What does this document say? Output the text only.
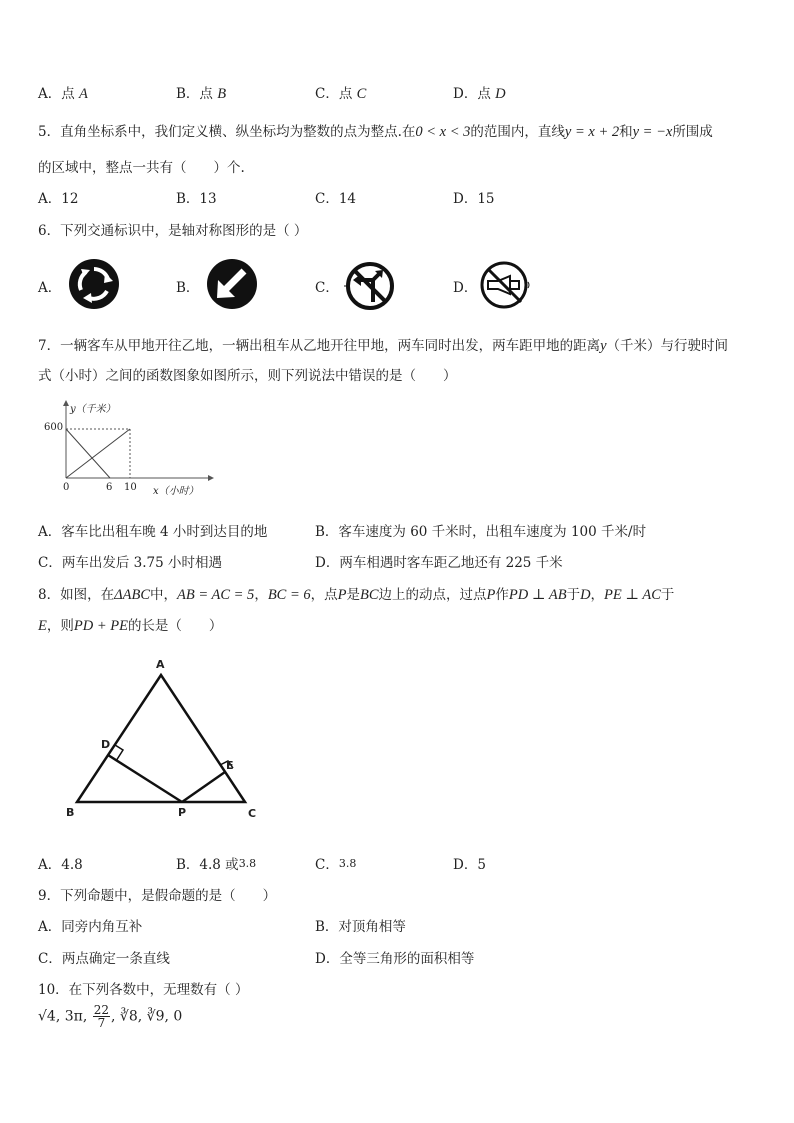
A．点 A	B．点 B	C．点 C	D．点 D
5．直角坐标系中，我们定义横、纵坐标均为整数的点为整点.在0 < x < 3的范围内，直线y = x + 2和y = −x所围成
的区域中，整点一共有（　　）个.
A．12	B．13	C．14	D．15
6．下列交通标识中，是轴对称图形的是（ ）
A．	B．	C．	D．
7．一辆客车从甲地开往乙地，一辆出租车从乙地开往甲地，两车同时出发，两车距甲地的距离y（千米）与行驶时间
式（小时）之间的函数图象如图所示，则下列说法中错误的是（　　）
y（千米）
600
0	6 10 x（小时）
A．客车比出租车晚 4 小时到达目的地	B．客车速度为 60 千米时，出租车速度为 100 千米/时
C．两车出发后 3.75 小时相遇	D．两车相遇时客车距乙地还有 225 千米
8．如图，在ΔABC中，AB = AC = 5，BC = 6，点P是BC边上的动点，过点P作PD ⊥ AB于D，PE ⊥ AC于
E，则PD + PE的长是（　　）
A
B	C
D
E
P
A．4.8	B．4.8 或3.8	C．3.8	D．5
9．下列命题中，是假命题的是（　　）
A．同旁内角互补	B．对顶角相等
C．两点确定一条直线	D．全等三角形的面积相等
10．在下列各数中，无理数有（ ）
√4, 3π, $\frac{22}{7}$ , ∛8, ∛9, 0
